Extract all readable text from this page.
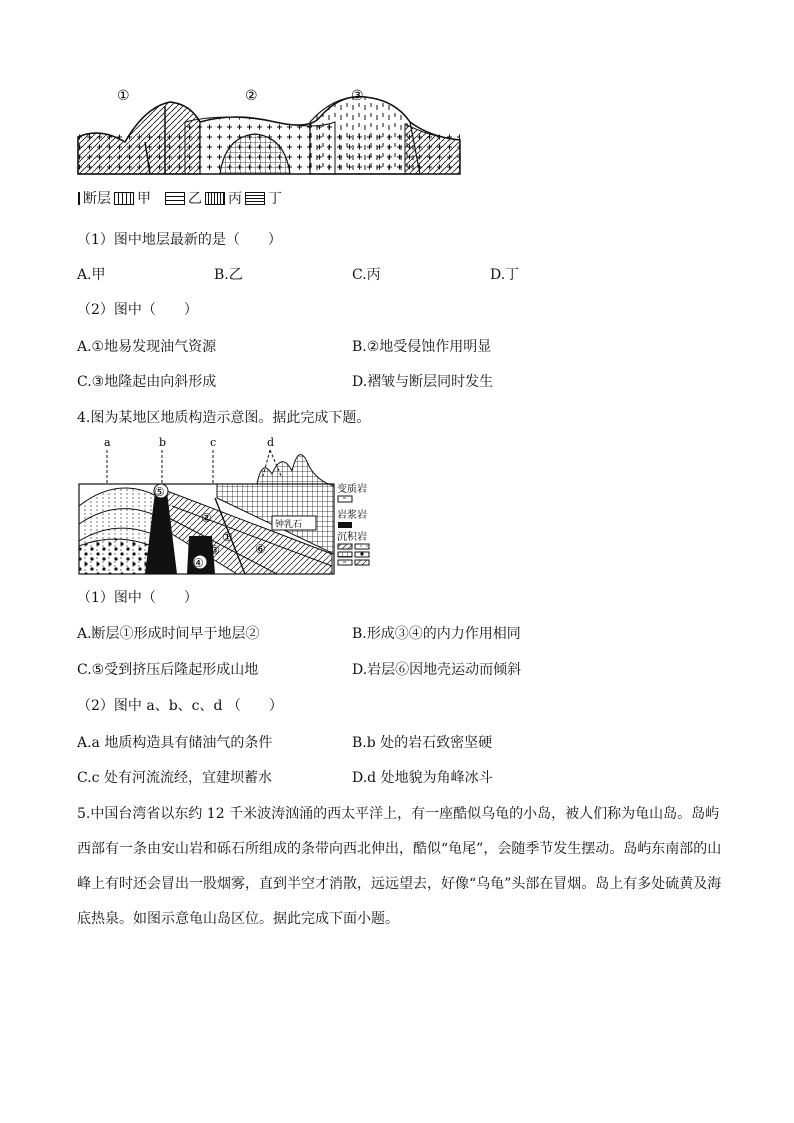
①	②	③
断层 甲	乙 丙 丁
（1）图中地层最新的是（　　）
A.甲	B.乙	C.丙	D.丁
（2）图中（　　）
A.①地易发现油气资源	B.②地受侵蚀作用明显
C.③地隆起由向斜形成	D.褶皱与断层同时发生
4.图为某地区地质构造示意图。据此完成下题。
a	b	c	d
钟乳石
⑤
②
①
⑥
③
④
变质岩
岩浆岩
沉积岩
（1）图中（　　）
A.断层①形成时间早于地层②	B.形成③④的内力作用相同
C.⑤受到挤压后隆起形成山地	D.岩层⑥因地壳运动而倾斜
（2）图中 a、b、c、d （　　）
A.a 地质构造具有储油气的条件	B.b 处的岩石致密坚硬
C.c 处有河流流经，宜建坝蓄水	D.d 处地貌为角峰冰斗
5.中国台湾省以东约 12 千米波涛汹涌的西太平洋上，有一座酷似乌龟的小岛，被人们称为龟山岛。岛屿西部有一条由安山岩和砾石所组成的条带向西北伸出，酷似“龟尾”，会随季节发生摆动。岛屿东南部的山峰上有时还会冒出一股烟雾，直到半空才消散，远远望去，好像“乌龟”头部在冒烟。岛上有多处硫黄及海底热泉。如图示意龟山岛区位。据此完成下面小题。
